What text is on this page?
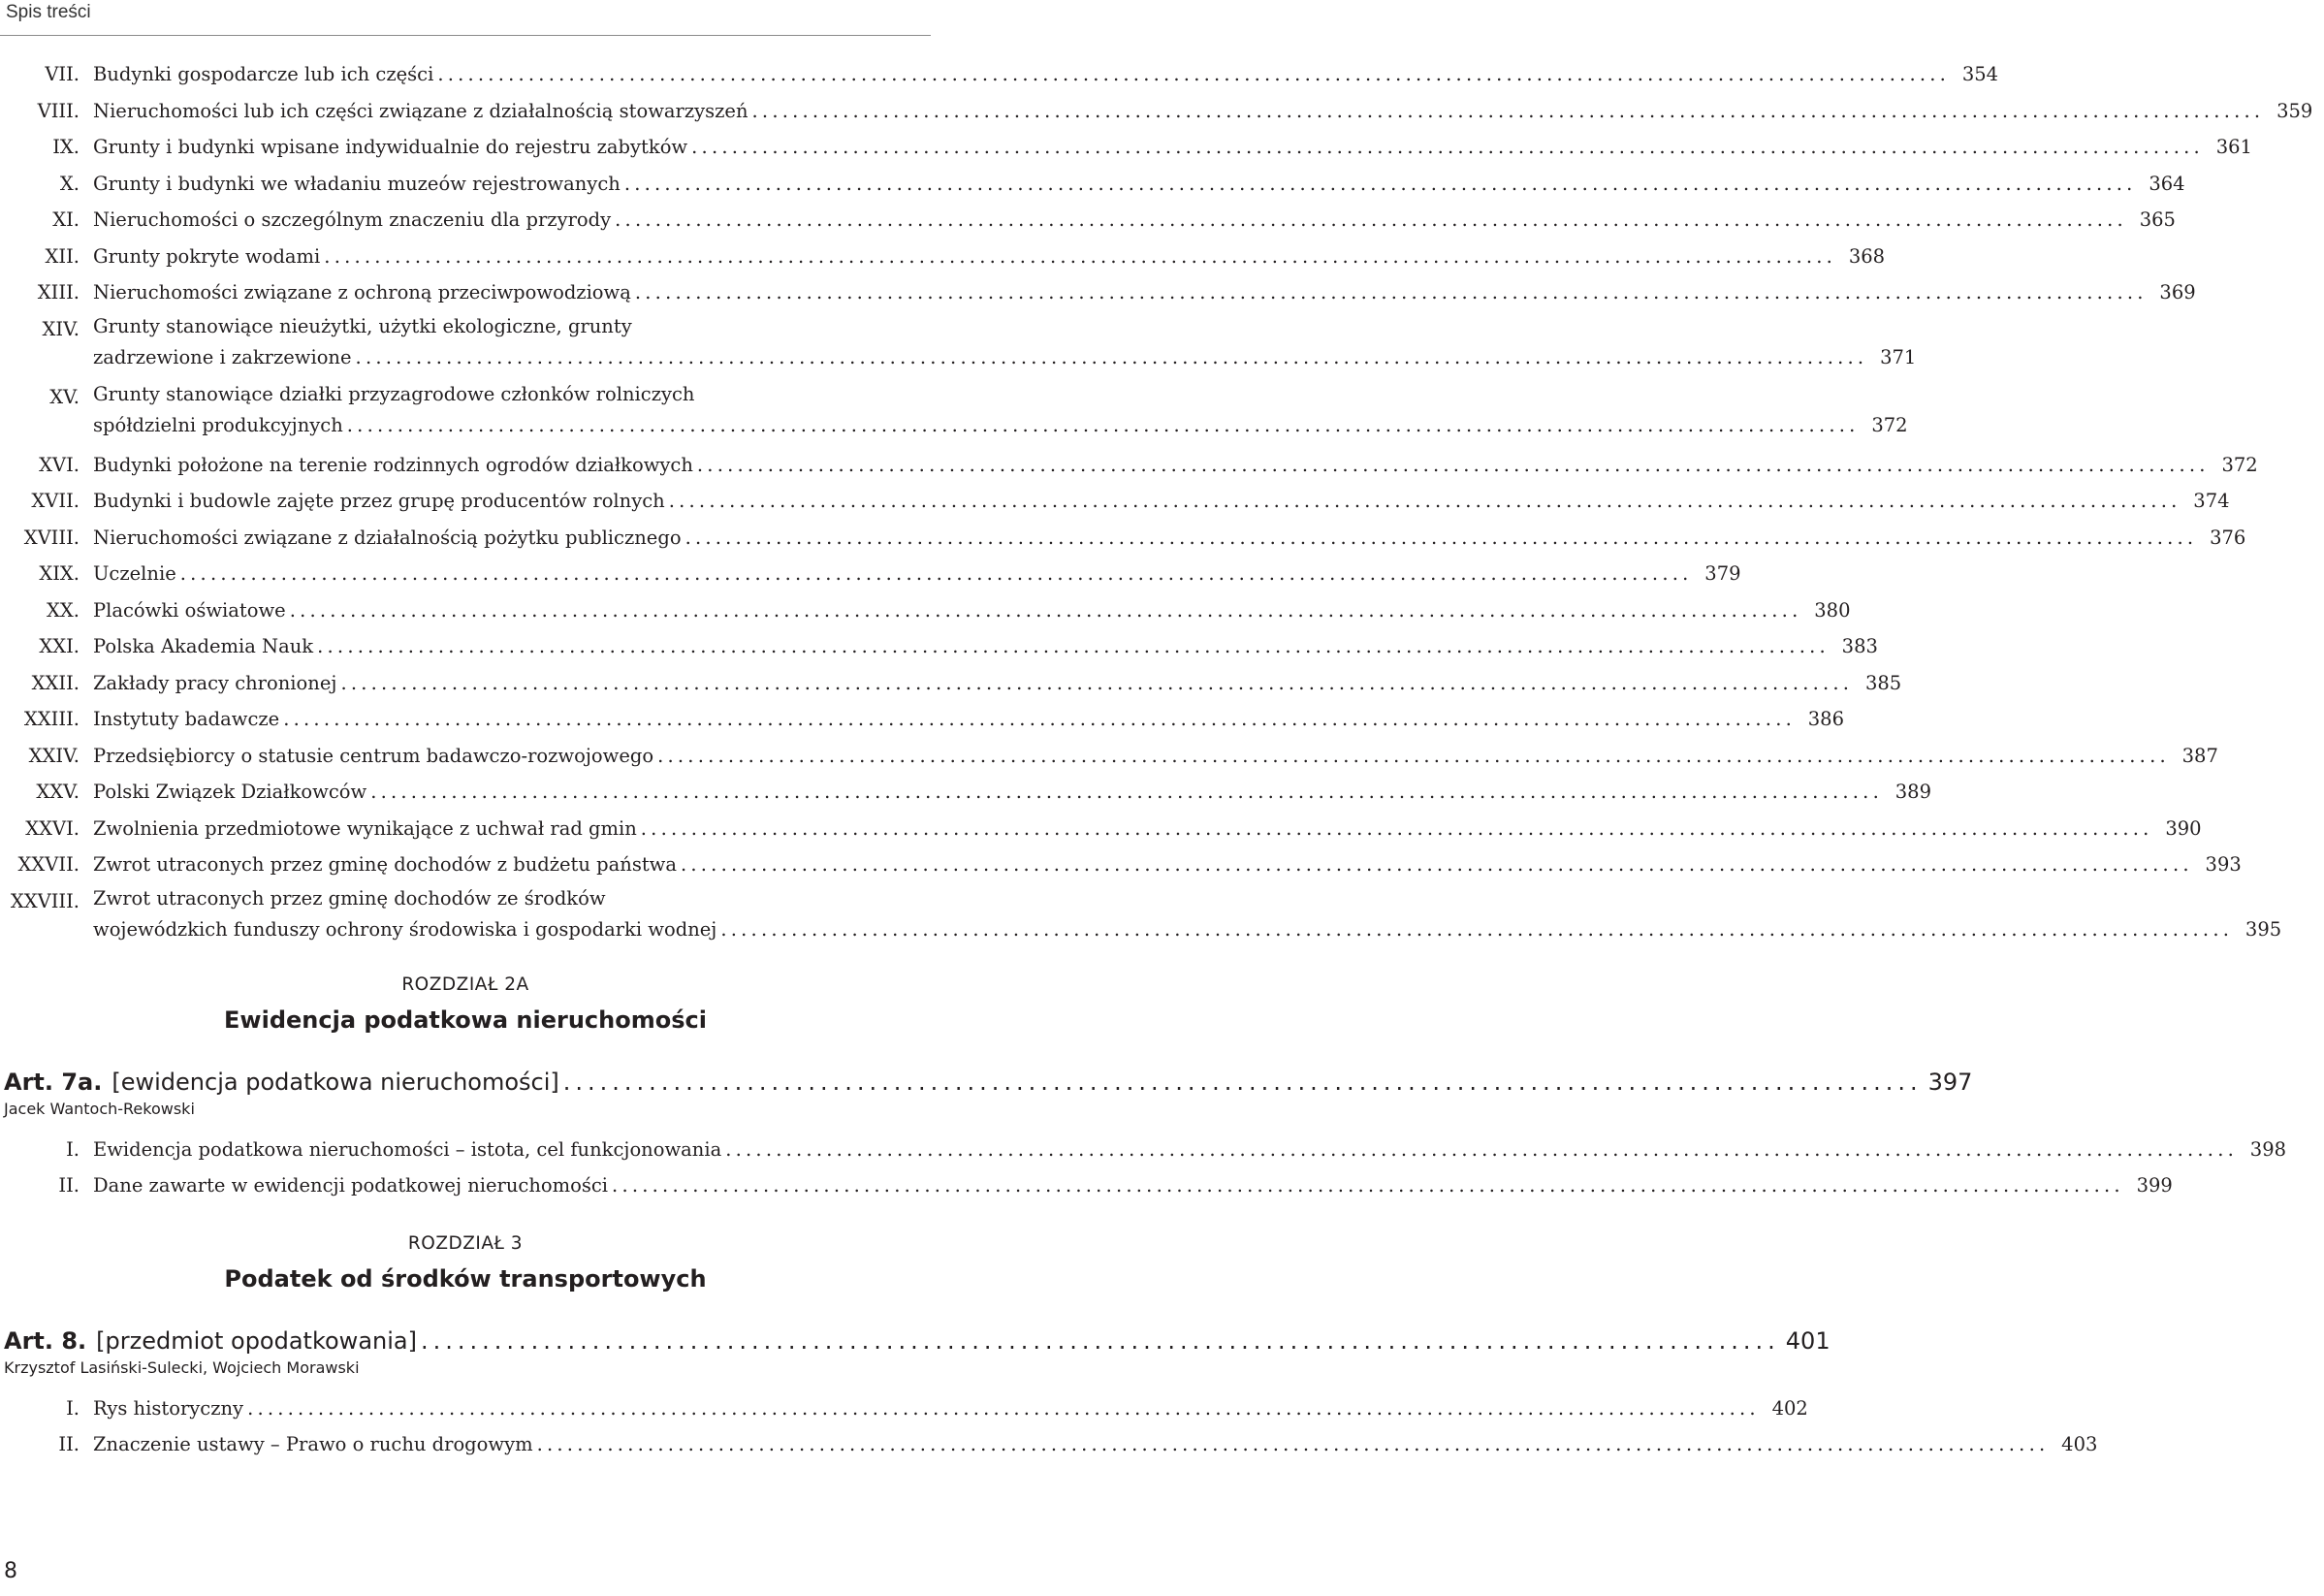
Spis treści
VII. Budynki gospodarcze lub ich części .....	354
VIII. Nieruchomości lub ich części związane z działalnością stowarzyszeń .....	359
IX. Grunty i budynki wpisane indywidualnie do rejestru zabytków .....	361
X. Grunty i budynki we władaniu muzeów rejestrowanych .....	364
XI. Nieruchomości o szczególnym znaczeniu dla przyrody .....	365
XII. Grunty pokryte wodami .....	368
XIII. Nieruchomości związane z ochroną przeciwpowodziową .....	369
XIV. Grunty stanowiące nieużytki, użytki ekologiczne, grunty
zadrzewione i zakrzewione .....	371
XV. Grunty stanowiące działki przyzagrodowe członków rolniczych
spółdzielni produkcyjnych .....	372
XVI. Budynki położone na terenie rodzinnych ogrodów działkowych .....	372
XVII. Budynki i budowle zajęte przez grupę producentów rolnych .....	374
XVIII. Nieruchomości związane z działalnością pożytku publicznego .....	376
XIX. Uczelnie .....	379
XX. Placówki oświatowe .....	380
XXI. Polska Akademia Nauk .....	383
XXII. Zakłady pracy chronionej .....	385
XXIII. Instytuty badawcze .....	386
XXIV. Przedsiębiorcy o statusie centrum badawczo-rozwojowego .....	387
XXV. Polski Związek Działkowców .....	389
XXVI. Zwolnienia przedmiotowe wynikające z uchwał rad gmin .....	390
XXVII. Zwrot utraconych przez gminę dochodów z budżetu państwa .....	393
XXVIII. Zwrot utraconych przez gminę dochodów ze środków
wojewódzkich funduszy ochrony środowiska i gospodarki wodnej .....	395
ROZDZIAŁ 2A
Ewidencja podatkowa nieruchomości
Art. 7a. [ewidencja podatkowa nieruchomości] .....	397
Jacek Wantoch-Rekowski
I. Ewidencja podatkowa nieruchomości – istota, cel funkcjonowania .....	398
II. Dane zawarte w ewidencji podatkowej nieruchomości .....	399
ROZDZIAŁ 3
Podatek od środków transportowych
Art. 8. [przedmiot opodatkowania] .....	401
Krzysztof Lasiński-Sulecki, Wojciech Morawski
I. Rys historyczny .....	402
II. Znaczenie ustawy – Prawo o ruchu drogowym .....	403
8
